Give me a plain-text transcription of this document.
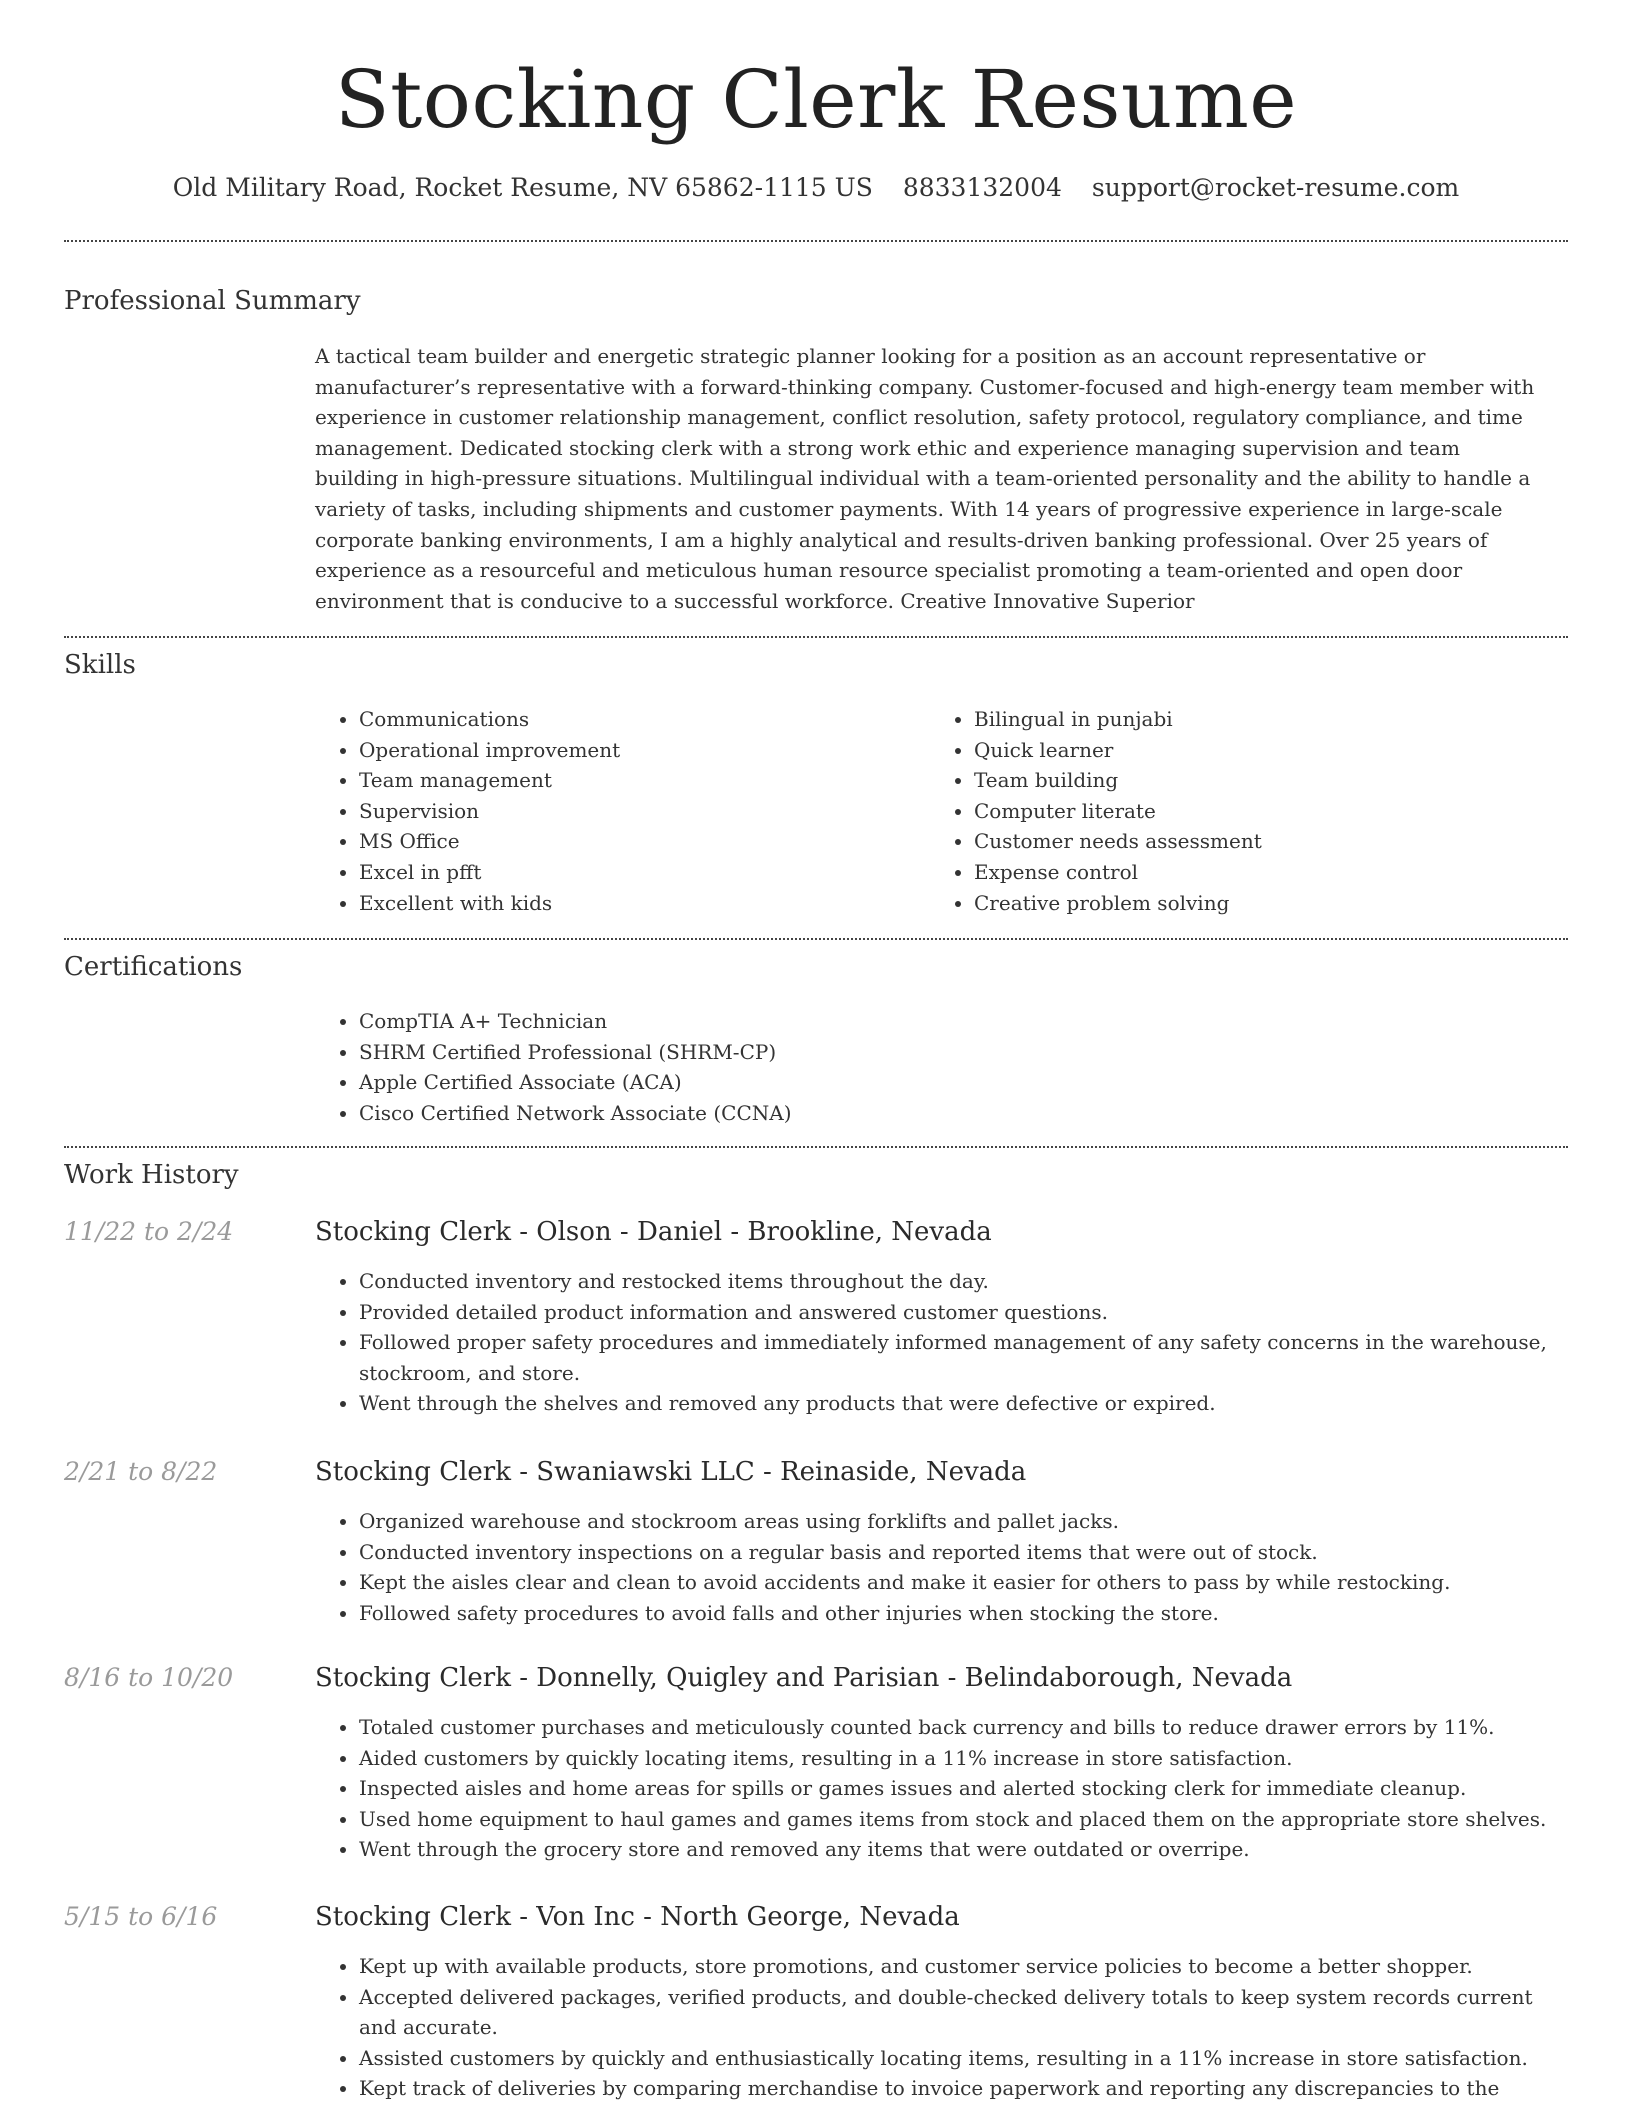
Stocking Clerk Resume
Old Military Road, Rocket Resume, NV 65862-1115 US 8833132004 support@rocket-resume.com
Professional Summary
A tactical team builder and energetic strategic planner looking for a position as an account representative or manufacturer’s representative with a forward-thinking company. Customer-focused and high-energy team member with experience in customer relationship management, conflict resolution, safety protocol, regulatory compliance, and time management. Dedicated stocking clerk with a strong work ethic and experience managing supervision and team building in high-pressure situations. Multilingual individual with a team-oriented personality and the ability to handle a variety of tasks, including shipments and customer payments. With 14 years of progressive experience in large-scale corporate banking environments, I am a highly analytical and results-driven banking professional. Over 25 years of experience as a resourceful and meticulous human resource specialist promoting a team-oriented and open door environment that is conducive to a successful workforce. Creative Innovative Superior
Skills
• Communications
• Operational improvement
• Team management
• Supervision
• MS Office
• Excel in pfft
• Excellent with kids
• Bilingual in punjabi
• Quick learner
• Team building
• Computer literate
• Customer needs assessment
• Expense control
• Creative problem solving
Certifications
• CompTIA A+ Technician
• SHRM Certified Professional (SHRM-CP)
• Apple Certified Associate (ACA)
• Cisco Certified Network Associate (CCNA)
Work History
11/22 to 2/24	Stocking Clerk - Olson - Daniel - Brookline, Nevada
• Conducted inventory and restocked items throughout the day.
• Provided detailed product information and answered customer questions.
• Followed proper safety procedures and immediately informed management of any safety concerns in the warehouse, stockroom, and store.
• Went through the shelves and removed any products that were defective or expired.
2/21 to 8/22	Stocking Clerk - Swaniawski LLC - Reinaside, Nevada
• Organized warehouse and stockroom areas using forklifts and pallet jacks.
• Conducted inventory inspections on a regular basis and reported items that were out of stock.
• Kept the aisles clear and clean to avoid accidents and make it easier for others to pass by while restocking.
• Followed safety procedures to avoid falls and other injuries when stocking the store.
8/16 to 10/20	Stocking Clerk - Donnelly, Quigley and Parisian - Belindaborough, Nevada
• Totaled customer purchases and meticulously counted back currency and bills to reduce drawer errors by 11%.
• Aided customers by quickly locating items, resulting in a 11% increase in store satisfaction.
• Inspected aisles and home areas for spills or games issues and alerted stocking clerk for immediate cleanup.
• Used home equipment to haul games and games items from stock and placed them on the appropriate store shelves.
• Went through the grocery store and removed any items that were outdated or overripe.
5/15 to 6/16	Stocking Clerk - Von Inc - North George, Nevada
• Kept up with available products, store promotions, and customer service policies to become a better shopper.
• Accepted delivered packages, verified products, and double-checked delivery totals to keep system records current and accurate.
• Assisted customers by quickly and enthusiastically locating items, resulting in a 11% increase in store satisfaction.
• Kept track of deliveries by comparing merchandise to invoice paperwork and reporting any discrepancies to the
